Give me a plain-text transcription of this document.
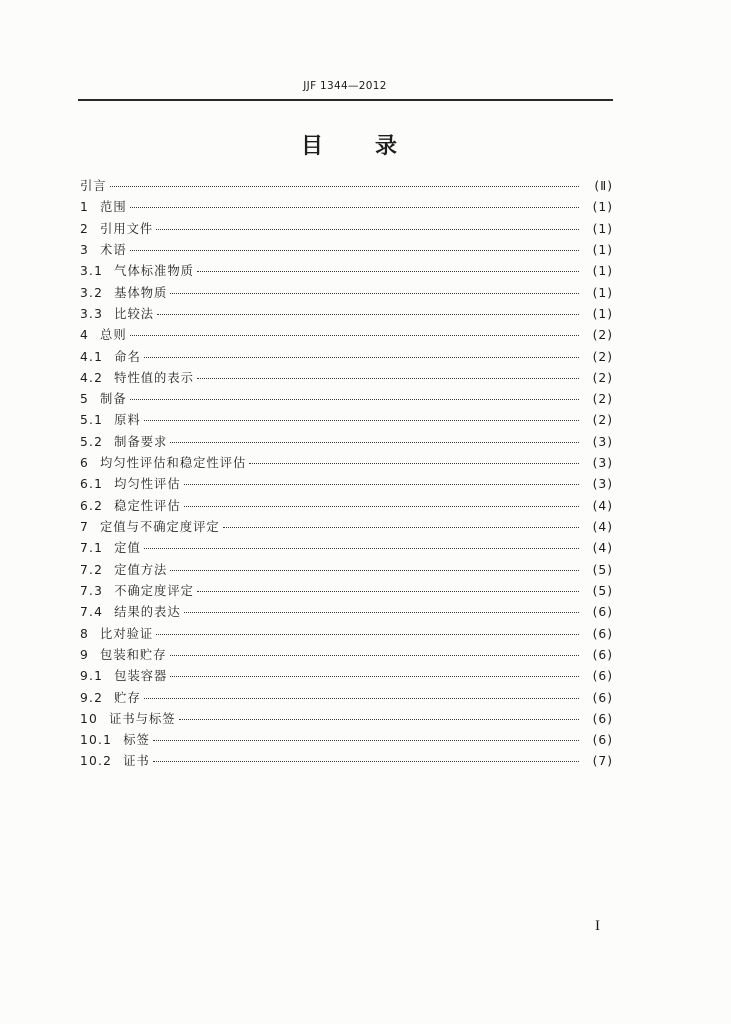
JJF 1344—2012
目录
引言	(Ⅱ)
1 范围	(1)
2 引用文件	(1)
3 术语	(1)
3.1 气体标准物质	(1)
3.2 基体物质	(1)
3.3 比较法	(1)
4 总则	(2)
4.1 命名	(2)
4.2 特性值的表示	(2)
5 制备	(2)
5.1 原料	(2)
5.2 制备要求	(3)
6 均匀性评估和稳定性评估	(3)
6.1 均匀性评估	(3)
6.2 稳定性评估	(4)
7 定值与不确定度评定	(4)
7.1 定值	(4)
7.2 定值方法	(5)
7.3 不确定度评定	(5)
7.4 结果的表达	(6)
8 比对验证	(6)
9 包装和贮存	(6)
9.1 包装容器	(6)
9.2 贮存	(6)
10 证书与标签	(6)
10.1 标签	(6)
10.2 证书	(7)
I
